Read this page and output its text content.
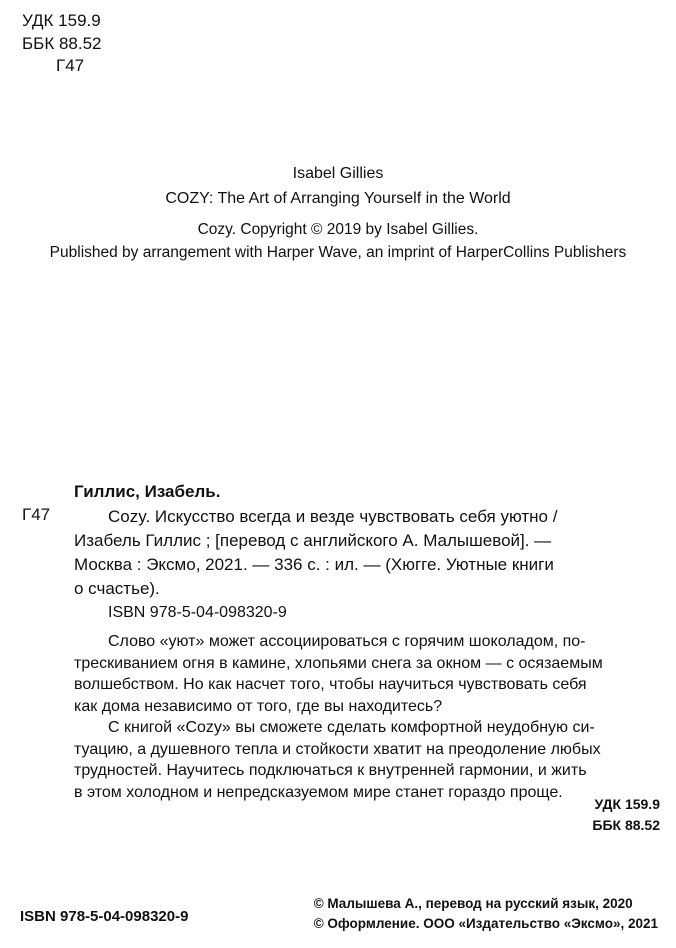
УДК 159.9
ББК 88.52
Г47
Isabel Gillies
COZY: The Art of Arranging Yourself in the World
Cozy. Copyright © 2019 by Isabel Gillies.
Published by arrangement with Harper Wave, an imprint of HarperCollins Publishers
Гиллис, Изабель.
Г47	Cozy. Искусство всегда и везде чувствовать себя уютно /
Изабель Гиллис ; [перевод с английского А. Малышевой]. —
Москва : Эксмо, 2021. — 336 с. : ил. — (Хюгге. Уютные книги
о счастье).
ISBN 978-5-04-098320-9
Слово «уют» может ассоциироваться с горячим шоколадом, по-
трескиванием огня в камине, хлопьями снега за окном — с осязаемым
волшебством. Но как насчет того, чтобы научиться чувствовать себя
как дома независимо от того, где вы находитесь?
С книгой «Cozy» вы сможете сделать комфортной неудобную си-
туацию, а душевного тепла и стойкости хватит на преодоление любых
трудностей. Научитесь подключаться к внутренней гармонии, и жить
в этом холодном и непредсказуемом мире станет гораздо проще.
УДК 159.9
ББК 88.52
ISBN 978-5-04-098320-9
© Малышева А., перевод на русский язык, 2020
© Оформление. ООО «Издательство «Эксмо», 2021
